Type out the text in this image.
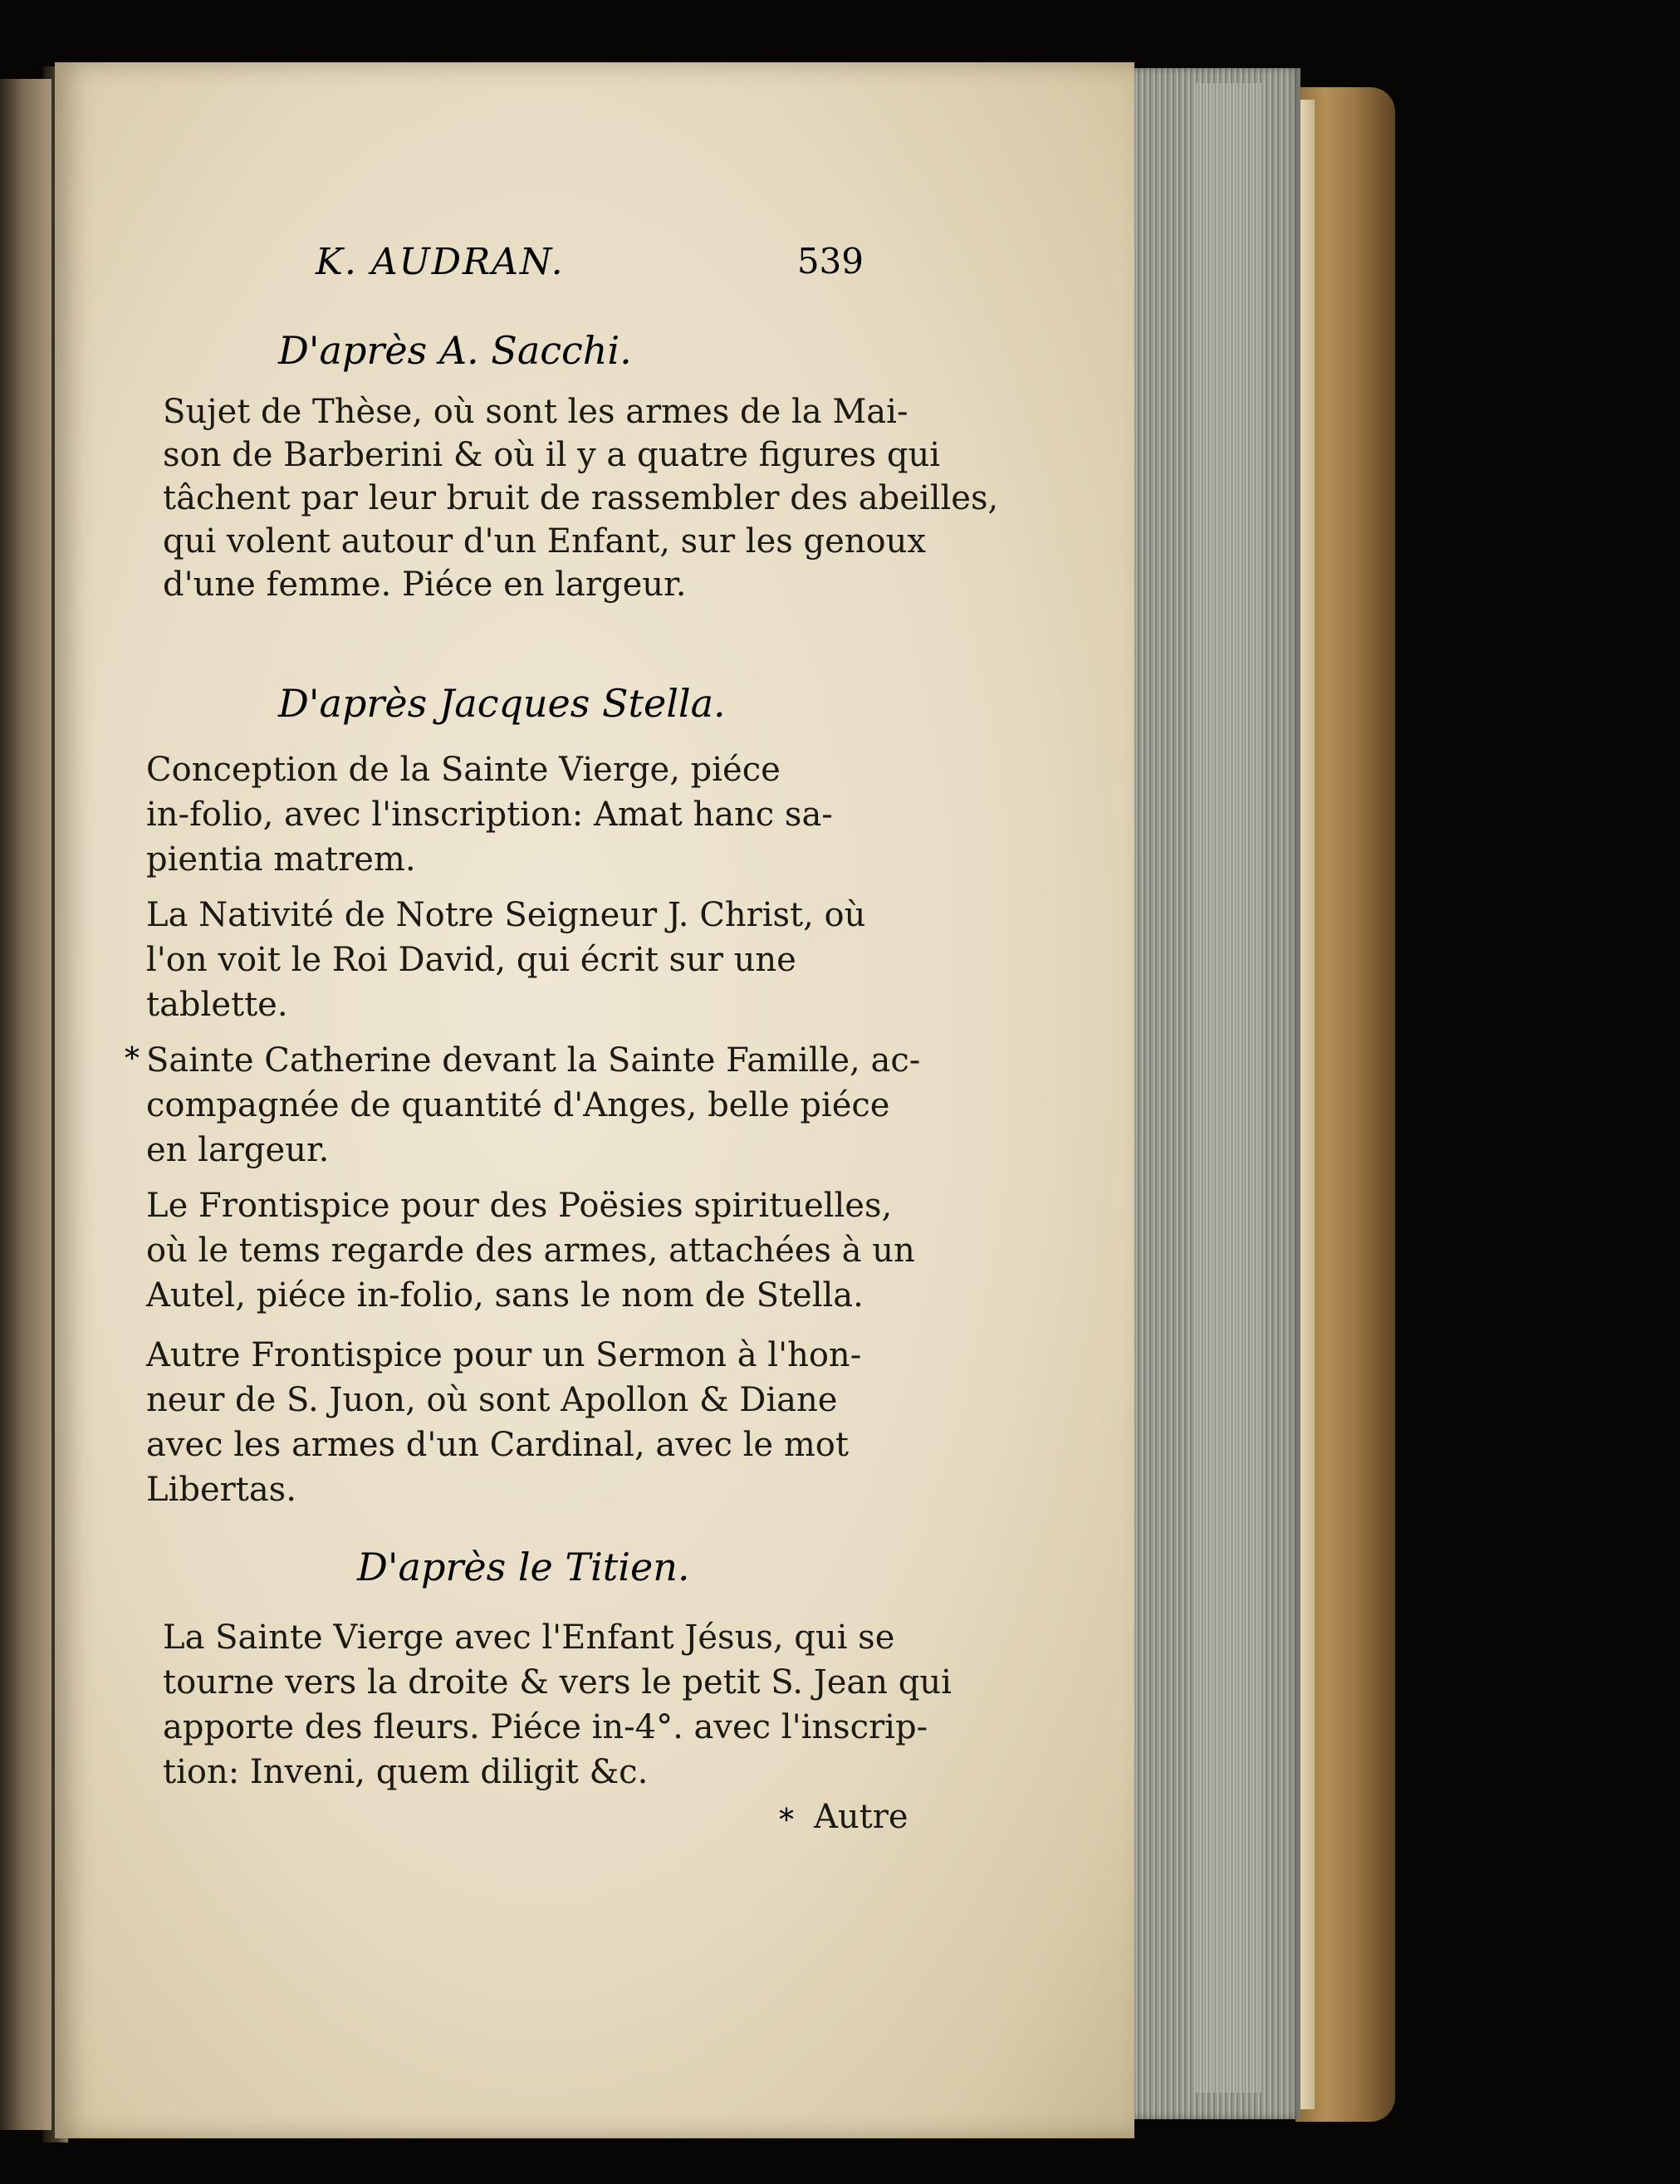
K. AUDRAN.	539
D'après A. Sacchi.
Sujet de Thèse, où sont les armes de la Mai-
son de Barberini & où il y a quatre figures qui
tâchent par leur bruit de rassembler des abeilles,
qui volent autour d'un Enfant, sur les genoux
d'une femme. Piéce en largeur.
D'après Jacques Stella.
Conception de la Sainte Vierge, piéce
in-folio, avec l'inscription: Amat hanc sa-
pientia matrem.
La Nativité de Notre Seigneur J. Christ, où
l'on voit le Roi David, qui écrit sur une
tablette.
* Sainte Catherine devant la Sainte Famille, ac-
compagnée de quantité d'Anges, belle piéce
en largeur.
Le Frontispice pour des Poësies spirituelles,
où le tems regarde des armes, attachées à un
Autel, piéce in-folio, sans le nom de Stella.
Autre Frontispice pour un Sermon à l'hon-
neur de S. Juon, où sont Apollon & Diane
avec les armes d'un Cardinal, avec le mot
Libertas.
D'après le Titien.
La Sainte Vierge avec l'Enfant Jésus, qui se
tourne vers la droite & vers le petit S. Jean qui
apporte des fleurs. Piéce in-4°. avec l'inscrip-
tion: Inveni, quem diligit &c.
* Autre
